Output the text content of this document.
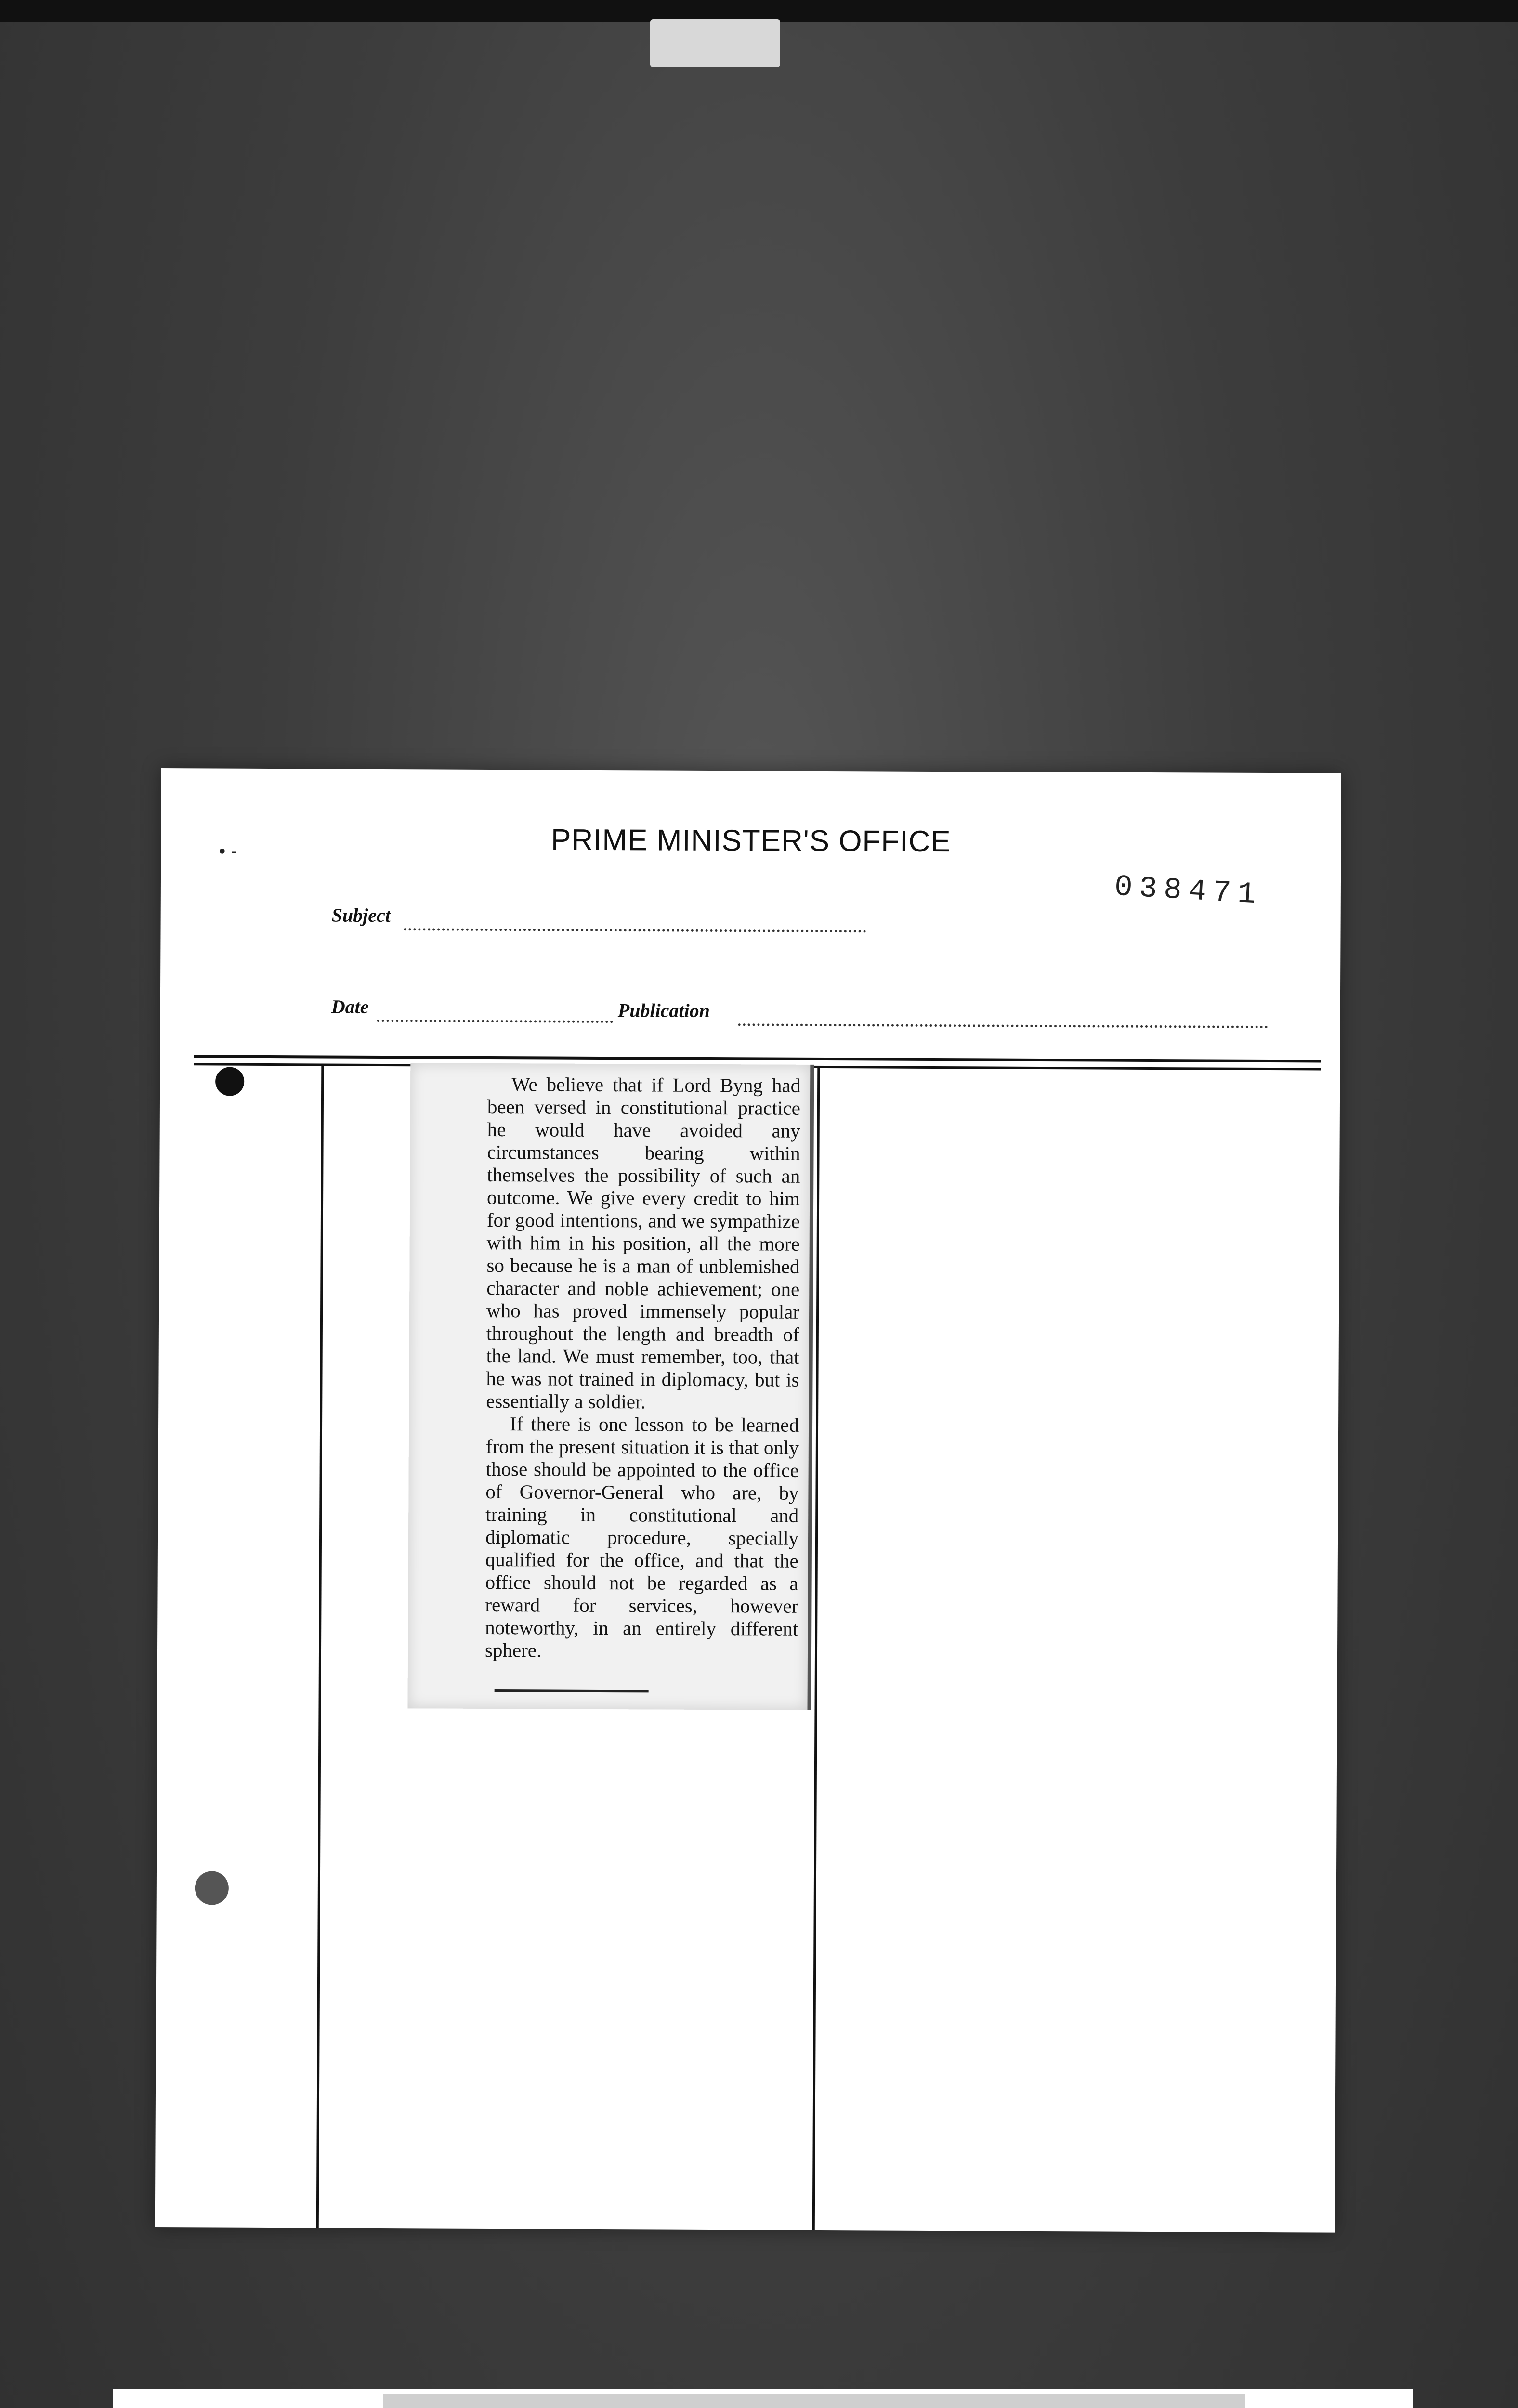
• -	PRIME MINISTER'S OFFICE
038471
Subject
Date	Publication

We believe that if Lord Byng had been versed in constitutional practice he would have avoided any circumstances bearing within themselves the possibility of such an outcome. We give every credit to him for good intentions, and we sympathize with him in his position, all the more so because he is a man of unblemished character and noble achievement; one who has proved immensely popular throughout the length and breadth of the land. We must remember, too, that he was not trained in diplomacy, but is essentially a soldier.

If there is one lesson to be learned from the present situation it is that only those should be appointed to the office of Governor-General who are, by training in constitutional and diplomatic procedure, specially qualified for the office, and that the office should not be regarded as a reward for services, however noteworthy, in an entirely different sphere.
